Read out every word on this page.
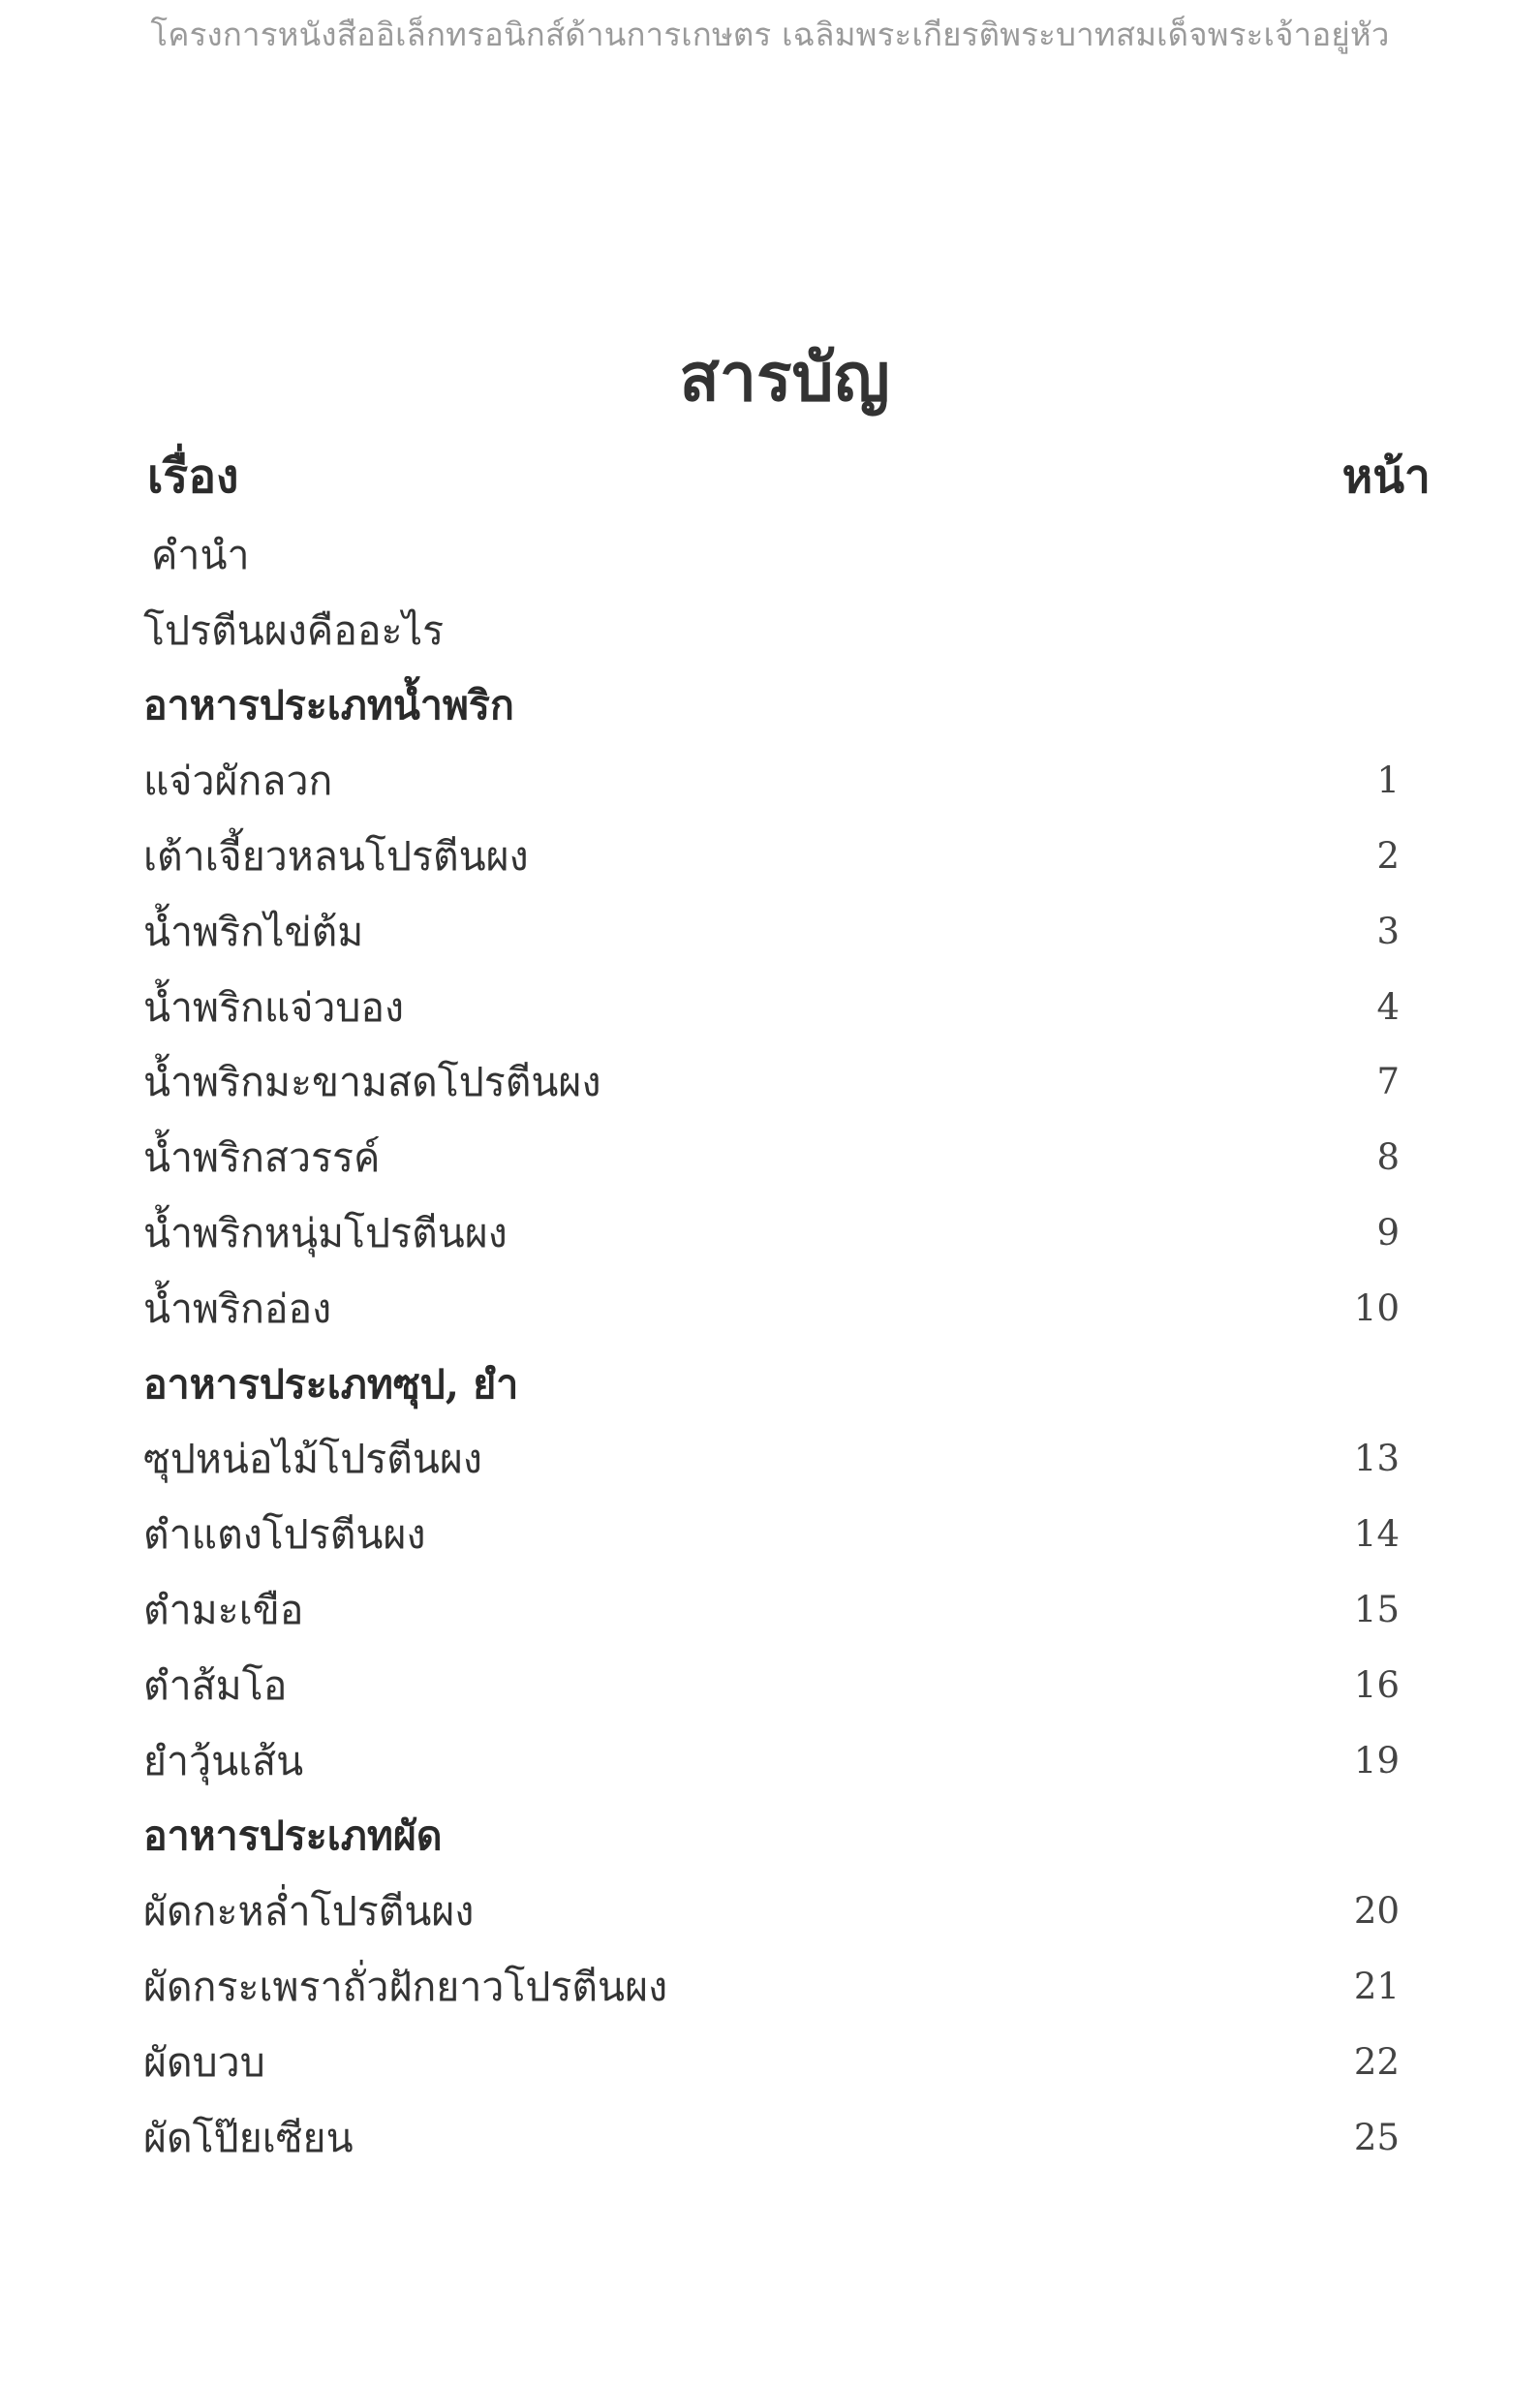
โครงการหนังสืออิเล็กทรอนิกส์ด้านการเกษตร เฉลิมพระเกียรติพระบาทสมเด็จพระเจ้าอยู่หัว
สารบัญ
เรื่อง	หน้า
คำนำ
โปรตีนผงคืออะไร
อาหารประเภทน้ำพริก
แจ่วผักลวก	1
เต้าเจี้ยวหลนโปรตีนผง	2
น้ำพริกไข่ต้ม	3
น้ำพริกแจ่วบอง	4
น้ำพริกมะขามสดโปรตีนผง	7
น้ำพริกสวรรค์	8
น้ำพริกหนุ่มโปรตีนผง	9
น้ำพริกอ่อง	10
อาหารประเภทซุป, ยำ
ซุปหน่อไม้โปรตีนผง	13
ตำแตงโปรตีนผง	14
ตำมะเขือ	15
ตำส้มโอ	16
ยำวุ้นเส้น	19
อาหารประเภทผัด
ผัดกะหล่ำโปรตีนผง	20
ผัดกระเพราถั่วฝักยาวโปรตีนผง	21
ผัดบวบ	22
ผัดโป๊ยเซียน	25
